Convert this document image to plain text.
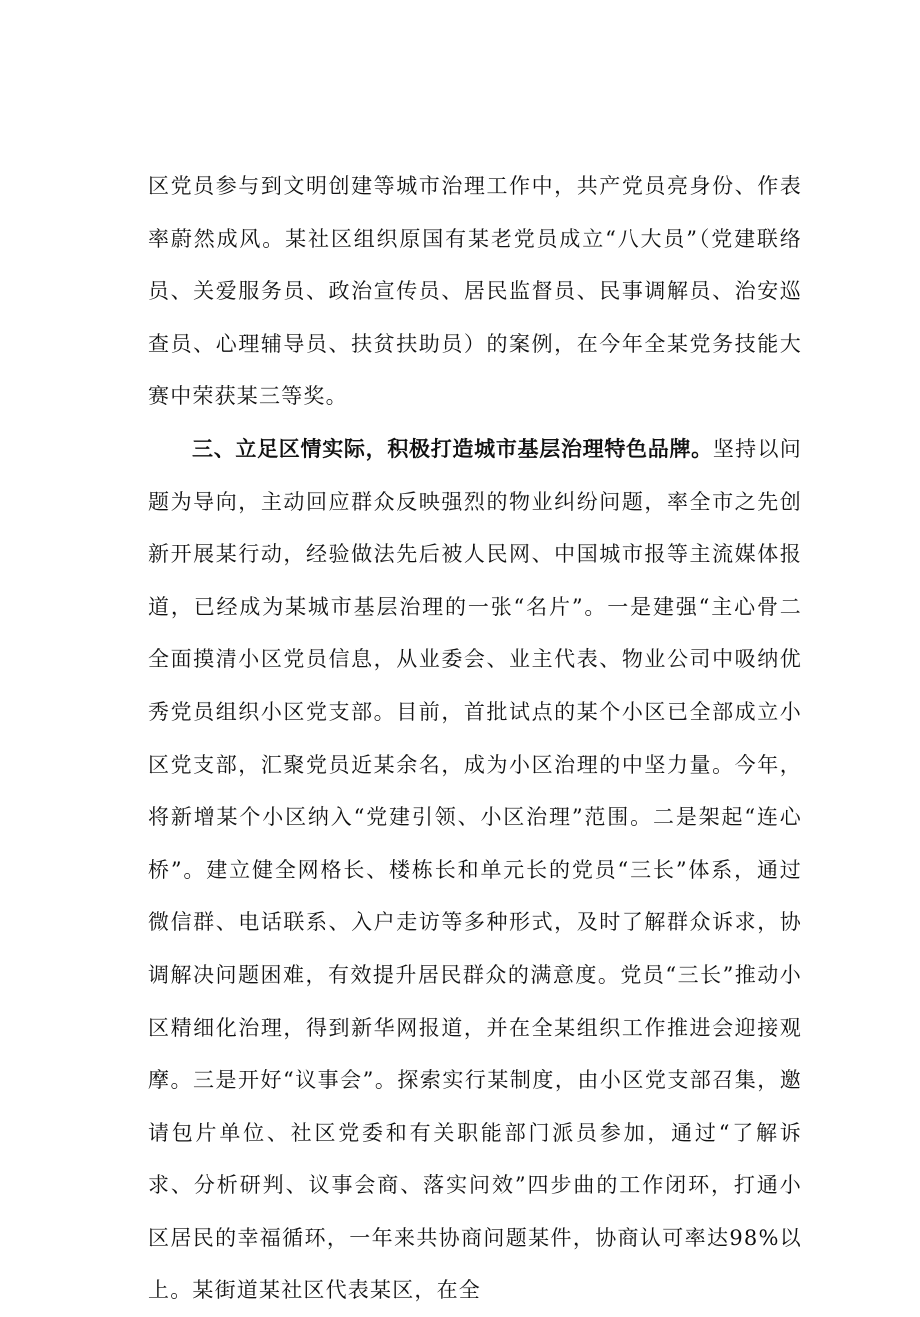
区党员参与到文明创建等城市治理工作中，共产党员亮身份、作表率蔚然成风。某社区组织原国有某老党员成立“八大员”（党建联络员、关爱服务员、政治宣传员、居民监督员、民事调解员、治安巡查员、心理辅导员、扶贫扶助员）的案例，在今年全某党务技能大赛中荣获某三等奖。

三、立足区情实际，积极打造城市基层治理特色品牌。坚持以问题为导向，主动回应群众反映强烈的物业纠纷问题，率全市之先创新开展某行动，经验做法先后被人民网、中国城市报等主流媒体报道，已经成为某城市基层治理的一张“名片”。一是建强“主心骨二全面摸清小区党员信息，从业委会、业主代表、物业公司中吸纳优秀党员组织小区党支部。目前，首批试点的某个小区已全部成立小区党支部，汇聚党员近某余名，成为小区治理的中坚力量。今年，将新增某个小区纳入“党建引领、小区治理”范围。二是架起“连心桥”。建立健全网格长、楼栋长和单元长的党员“三长”体系，通过微信群、电话联系、入户走访等多种形式，及时了解群众诉求，协调解决问题困难，有效提升居民群众的满意度。党员“三长”推动小区精细化治理，得到新华网报道，并在全某组织工作推进会迎接观摩。三是开好“议事会”。探索实行某制度，由小区党支部召集，邀请包片单位、社区党委和有关职能部门派员参加，通过“了解诉求、分析研判、议事会商、落实问效”四步曲的工作闭环，打通小区居民的幸福循环，一年来共协商问题某件，协商认可率达98%以上。某街道某社区代表某区，在全
